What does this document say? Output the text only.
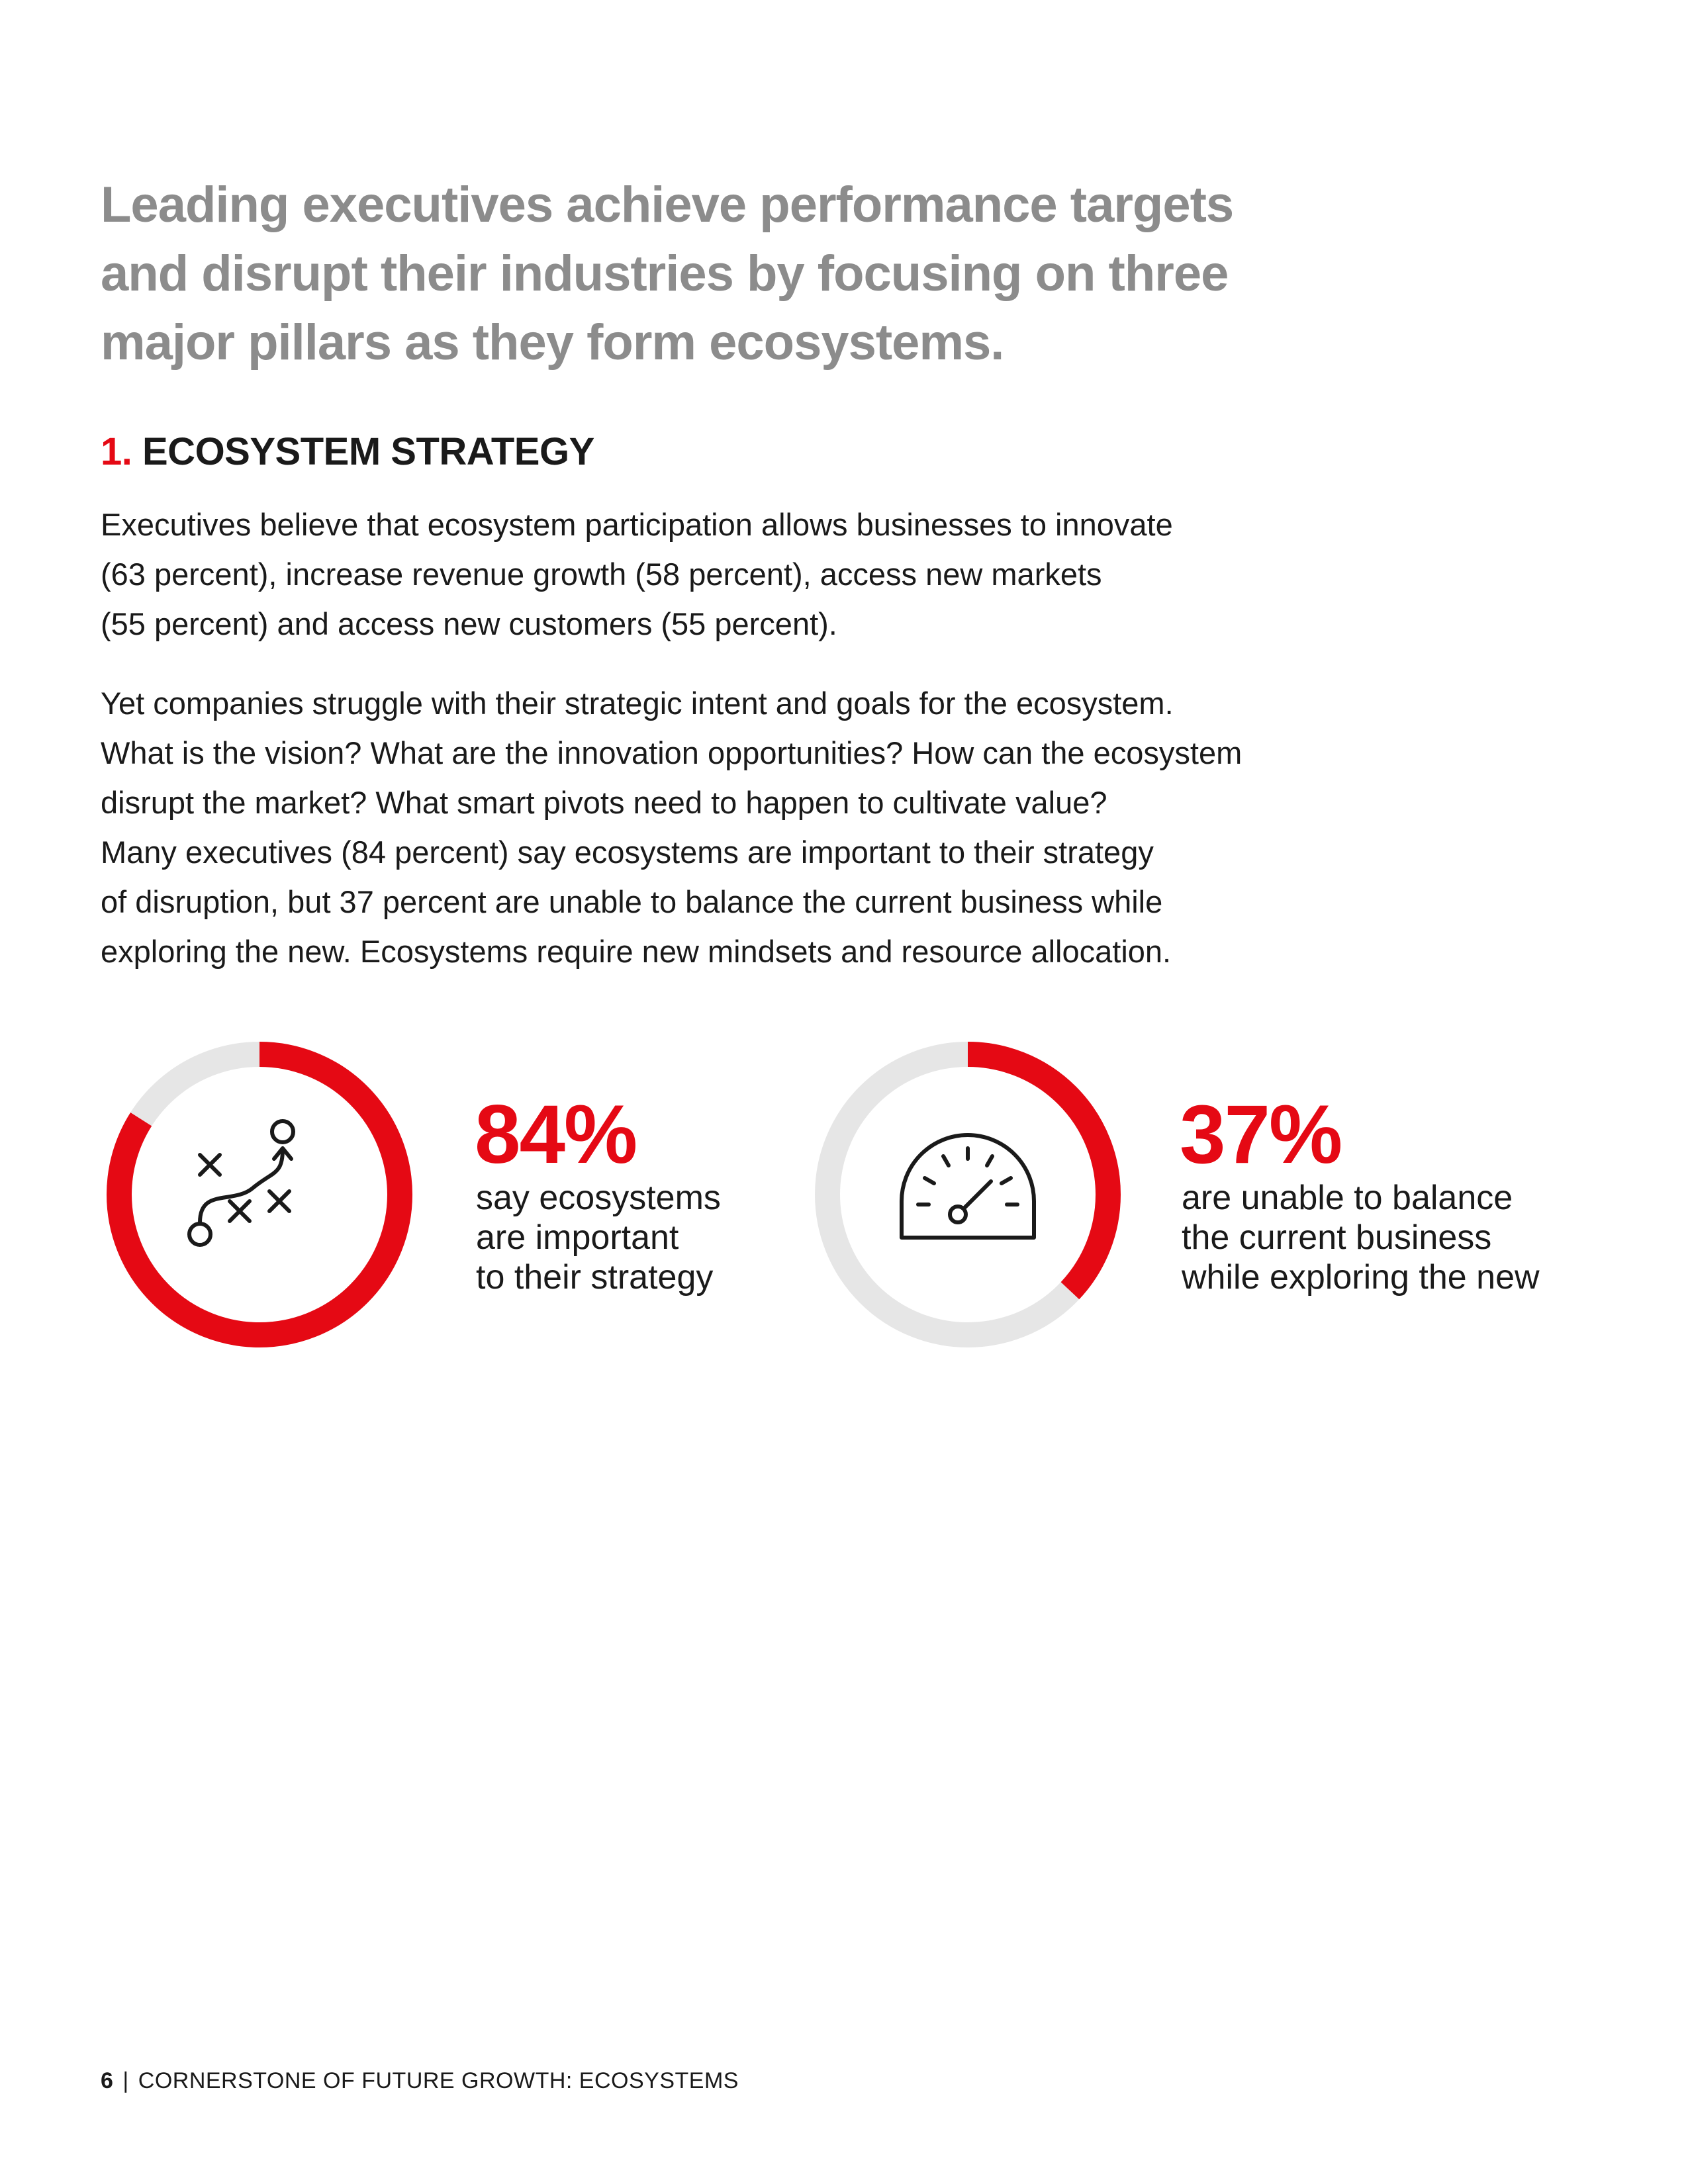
Leading executives achieve performance targets
and disrupt their industries by focusing on three
major pillars as they form ecosystems.
1. ECOSYSTEM STRATEGY

Executives believe that ecosystem participation allows businesses to innovate
(63 percent), increase revenue growth (58 percent), access new markets
(55 percent) and access new customers (55 percent).

Yet companies struggle with their strategic intent and goals for the ecosystem.
What is the vision? What are the innovation opportunities? How can the ecosystem
disrupt the market? What smart pivots need to happen to cultivate value?
Many executives (84 percent) say ecosystems are important to their strategy
of disruption, but 37 percent are unable to balance the current business while
exploring the new. Ecosystems require new mindsets and resource allocation.

84%
say ecosystems
are important
to their strategy
37%
are unable to balance
the current business
while exploring the new
6 | CORNERSTONE OF FUTURE GROWTH: ECOSYSTEMS
